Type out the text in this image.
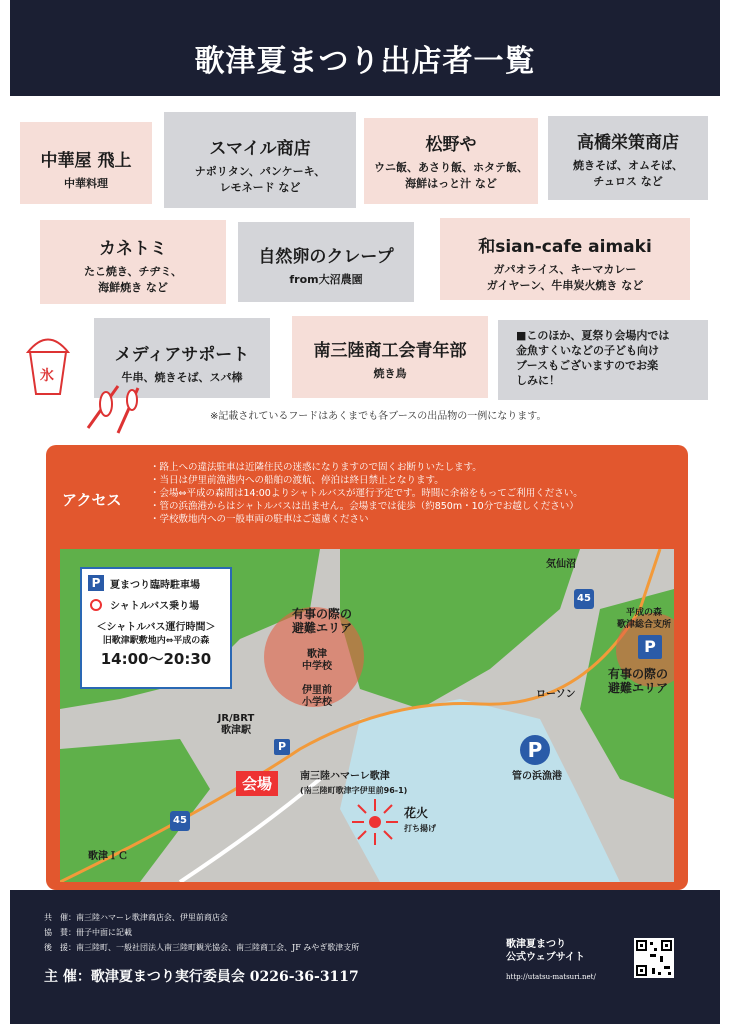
歌津夏まつり出店者一覧
中華屋 飛上
中華料理
スマイル商店
ナポリタン、パンケーキ、
レモネード など
松野や
ウニ飯、あさり飯、ホタテ飯、
海鮮はっと汁 など
高橋栄策商店
焼きそば、オムそば、
チュロス など
カネトミ
たこ焼き、チヂミ、
海鮮焼き など
自然卵のクレープ
from大沼農園
和sian-cafe aimaki
ガパオライス、キーマカレー
ガイヤーン、牛串炭火焼き など
メディアサポート
牛串、焼きそば、スパ棒
南三陸商工会青年部
焼き鳥
■このほか、夏祭り会場内では
金魚すくいなどの子ども向け
ブースもございますのでお楽
しみに！
氷
※記載されているフードはあくまでも各ブースの出品物の一例になります。
アクセス
・路上への違法駐車は近隣住民の迷惑になりますので固くお断りいたします。
・当日は伊里前漁港内への船舶の渡航、停泊は終日禁止となります。
・会場⇔平成の森間は14:00よりシャトルバスが運行予定です。時間に余裕をもってご利用ください。
・管の浜漁港からはシャトルバスは出ません。会場までは徒歩（約850m・10分でお越しください）
・学校敷地内への一般車両の駐車はご遠慮ください
P 夏まつり臨時駐車場
シャトルバス乗り場
＜シャトルバス運行時間＞
旧歌津駅敷地内⇔平成の森
14:00〜20:30
有事の際の
避難エリア
歌津
中学校
伊里前
小学校
気仙沼
45
平成の森
歌津総合支所
P
有事の際の
避難エリア
ローソン
JR/BRT
歌津駅
P
会場	南三陸ハマーレ歌津
(南三陸町歌津字伊里前96-1)
P
管の浜漁港
花火
打ち揚げ
45
歌津ＩＣ
共　催：南三陸ハマーレ歌津商店会、伊里前商店会
協　賛：冊子中面に記載
後　援：南三陸町、一般社団法人南三陸町観光協会、南三陸商工会、JF みやぎ歌津支所
主 催：歌津夏まつり実行委員会 0226-36-3117
歌津夏まつり
公式ウェブサイト
http://utatsu-matsuri.net/
